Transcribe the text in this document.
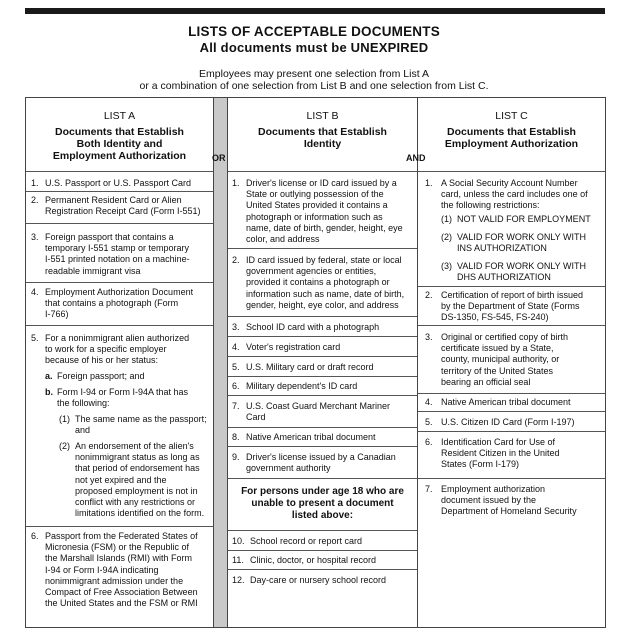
LISTS OF ACCEPTABLE DOCUMENTS
All documents must be UNEXPIRED
Employees may present one selection from List A
or a combination of one selection from List B and one selection from List C.
LIST A
Documents that Establish
Both Identity and
Employment Authorization
LIST B
Documents that Establish
Identity
LIST C
Documents that Establish
Employment Authorization
OR	AND
1. U.S. Passport or U.S. Passport Card
2. Permanent Resident Card or Alien
Registration Receipt Card (Form I-551)
3. Foreign passport that contains a
temporary I-551 stamp or temporary
I-551 printed notation on a machine-
readable immigrant visa
4. Employment Authorization Document
that contains a photograph (Form
I-766)
5. For a nonimmigrant alien authorized
to work for a specific employer
because of his or her status:
a. Foreign passport; and
b. Form I-94 or Form I-94A that has
the following:
(1) The same name as the passport;
and
(2) An endorsement of the alien's
nonimmigrant status as long as
that period of endorsement has
not yet expired and the
proposed employment is not in
conflict with any restrictions or
limitations identified on the form.
6. Passport from the Federated States of
Micronesia (FSM) or the Republic of
the Marshall Islands (RMI) with Form
I-94 or Form I-94A indicating
nonimmigrant admission under the
Compact of Free Association Between
the United States and the FSM or RMI
1. Driver's license or ID card issued by a
State or outlying possession of the
United States provided it contains a
photograph or information such as
name, date of birth, gender, height, eye
color, and address
2. ID card issued by federal, state or local
government agencies or entities,
provided it contains a photograph or
information such as name, date of birth,
gender, height, eye color, and address
3. School ID card with a photograph
4. Voter's registration card
5. U.S. Military card or draft record
6. Military dependent's ID card
7. U.S. Coast Guard Merchant Mariner
Card
8. Native American tribal document
9. Driver's license issued by a Canadian
government authority
For persons under age 18 who are
unable to present a document
listed above:
10. School record or report card
11. Clinic, doctor, or hospital record
12. Day-care or nursery school record
1. A Social Security Account Number
card, unless the card includes one of
the following restrictions:
(1) NOT VALID FOR EMPLOYMENT
(2) VALID FOR WORK ONLY WITH
INS AUTHORIZATION
(3) VALID FOR WORK ONLY WITH
DHS AUTHORIZATION
2. Certification of report of birth issued
by the Department of State (Forms
DS-1350, FS-545, FS-240)
3. Original or certified copy of birth
certificate issued by a State,
county, municipal authority, or
territory of the United States
bearing an official seal
4. Native American tribal document
5. U.S. Citizen ID Card (Form I-197)
6. Identification Card for Use of
Resident Citizen in the United
States (Form I-179)
7. Employment authorization
document issued by the
Department of Homeland Security
